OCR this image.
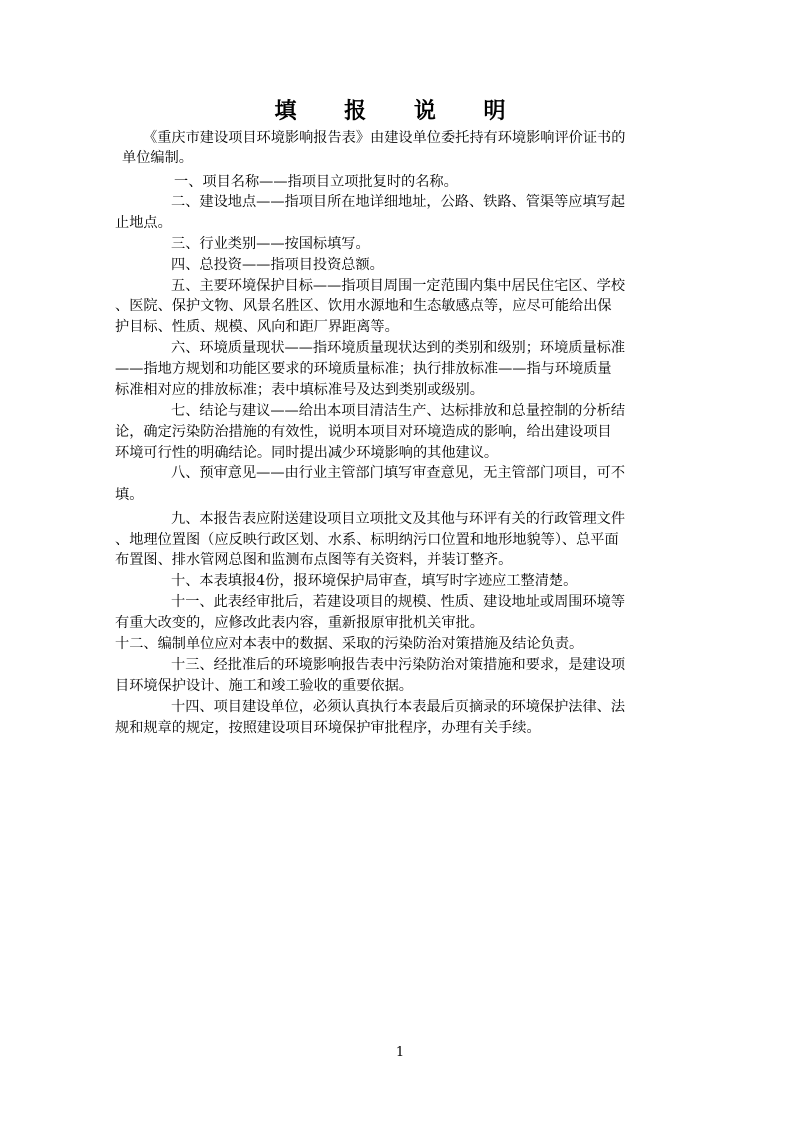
填 报 说 明
《重庆市建设项目环境影响报告表》由建设单位委托持有环境影响评价证书的
单位编制。
一、项目名称——指项目立项批复时的名称。
二、建设地点——指项目所在地详细地址，公路、铁路、管渠等应填写起
止地点。
三、行业类别——按国标填写。
四、总投资——指项目投资总额。
五、主要环境保护目标——指项目周围一定范围内集中居民住宅区、学校
、医院、保护文物、风景名胜区、饮用水源地和生态敏感点等，应尽可能给出保
护目标、性质、规模、风向和距厂界距离等。
六、环境质量现状——指环境质量现状达到的类别和级别；环境质量标准
——指地方规划和功能区要求的环境质量标准；执行排放标准——指与环境质量
标准相对应的排放标准；表中填标准号及达到类别或级别。
七、结论与建议——给出本项目清洁生产、达标排放和总量控制的分析结
论，确定污染防治措施的有效性，说明本项目对环境造成的影响，给出建设项目
环境可行性的明确结论。同时提出减少环境影响的其他建议。
八、预审意见——由行业主管部门填写审查意见，无主管部门项目，可不
填。
九、本报告表应附送建设项目立项批文及其他与环评有关的行政管理文件
、地理位置图（应反映行政区划、水系、标明纳污口位置和地形地貌等）、总平面
布置图、排水管网总图和监测布点图等有关资料，并装订整齐。
十、本表填报4份，报环境保护局审查，填写时字迹应工整清楚。
十一、此表经审批后，若建设项目的规模、性质、建设地址或周围环境等
有重大改变的，应修改此表内容，重新报原审批机关审批。
十二、编制单位应对本表中的数据、采取的污染防治对策措施及结论负责。
十三、经批准后的环境影响报告表中污染防治对策措施和要求，是建设项
目环境保护设计、施工和竣工验收的重要依据。
十四、项目建设单位，必须认真执行本表最后页摘录的环境保护法律、法
规和规章的规定，按照建设项目环境保护审批程序，办理有关手续。
1
